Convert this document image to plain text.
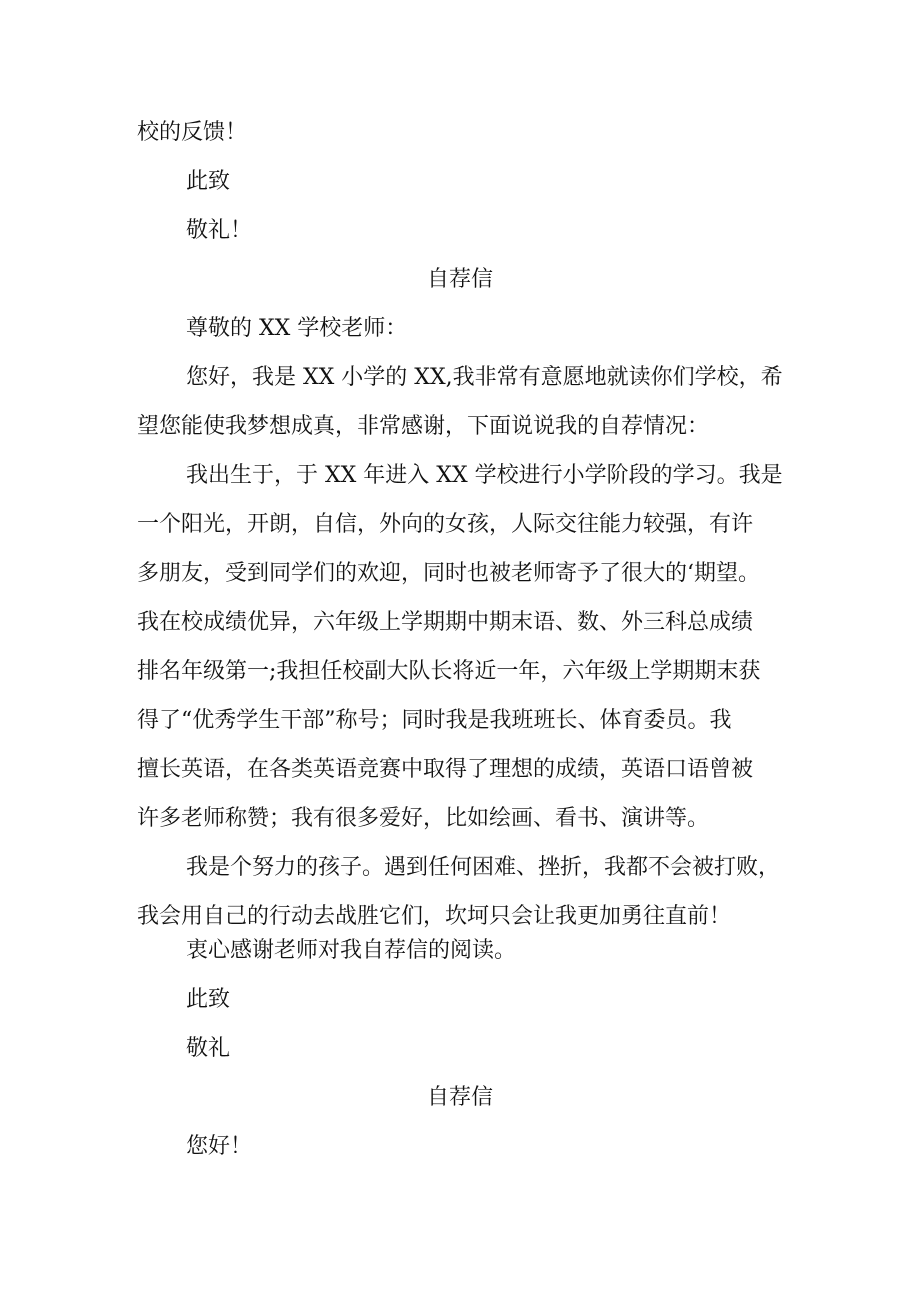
校的反馈！

此致

敬礼！

自荐信

尊敬的 XX 学校老师：

您好，我是 XX 小学的 XX,我非常有意愿地就读你们学校，希

望您能使我梦想成真，非常感谢，下面说说我的自荐情况：

我出生于，于 XX 年进入 XX 学校进行小学阶段的学习。我是

一个阳光，开朗，自信，外向的女孩，人际交往能力较强，有许

多朋友，受到同学们的欢迎，同时也被老师寄予了很大的‘期望。

我在校成绩优异，六年级上学期期中期末语、数、外三科总成绩

排名年级第一;我担任校副大队长将近一年，六年级上学期期末获

得了“优秀学生干部”称号；同时我是我班班长、体育委员。我

擅长英语，在各类英语竞赛中取得了理想的成绩，英语口语曾被

许多老师称赞；我有很多爱好，比如绘画、看书、演讲等。

我是个努力的孩子。遇到任何困难、挫折，我都不会被打败，

我会用自己的行动去战胜它们，坎坷只会让我更加勇往直前！

衷心感谢老师对我自荐信的阅读。

此致

敬礼

自荐信

您好！
